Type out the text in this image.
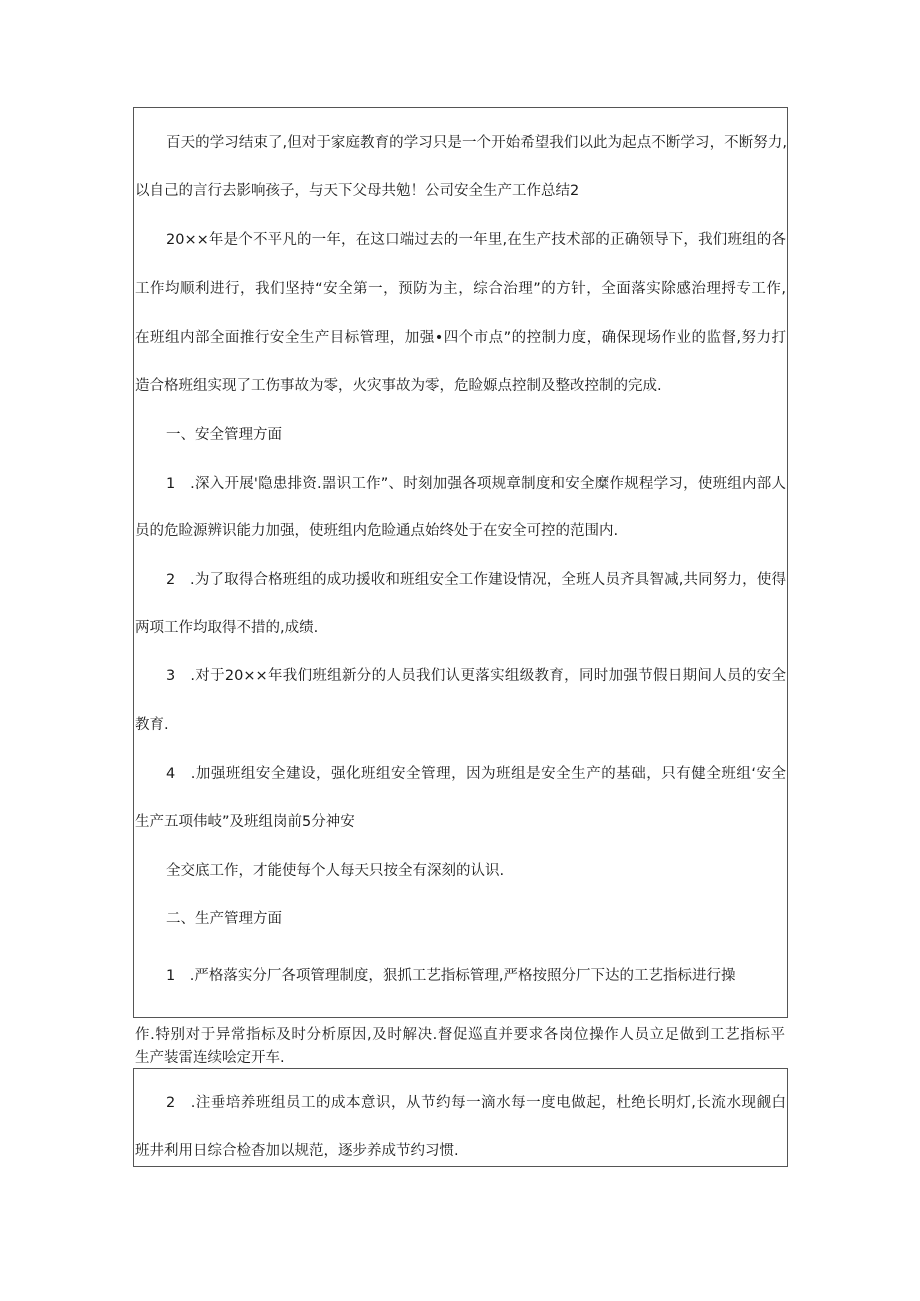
百天的学习结束了,但对于家庭教育的学习只是一个开始希望我们以此为起点不断学习，不断努力,
以自己的言行去影响孩子，与天下父母共勉！公司安全生产工作总结2
20××年是个不平凡的一年，在这口端过去的一年里,在生产技术部的正确领导下，我们班组的各
工作均顺利进行，我们坚持“安全第一，预防为主，综合治理”的方针，全面落实除感治理捋专工作,
在班组内部全面推行安全生产目标管理，加强•四个市点”的控制力度，确保现场作业的监督,努力打
造合格班组实现了工伤事故为零，火灾事故为零，危睑嫄点控制及整改控制的完成.
一、安全管理方面
1　.深入开展'隐患排资.噐识工作”、时刻加强各项规章制度和安全糜作规程学习，使班组内部人
员的危睑源辨识能力加强，使班组内危睑通点始终处于在安全可控的范围内.
2　.为了取得合格班组的成功援收和班组安全工作建设情况，全班人员齐具智减,共同努力，使得
两项工作均取得不措的,成绩.
3　.对于20××年我们班组新分的人员我们认更落实组级教育，同时加强节假日期间人员的安全
教育.
4　.加强班组安全建设，强化班组安全管理，因为班组是安全生产的基础，只有健全班组‘安全
生产五项伟岐”及班组岗前5分神安
全交底工作，才能使每个人每天只按全有深刻的认识.
二、生产管理方面
1　.严格落实分厂各项管理制度，狠抓工艺指标管理,严格按照分厂下达的工艺指标进行操
作.特别对于异常指标及时分析原因,及时解决.督促巡直并要求各岗位操作人员立足做到工艺指标平
生产装雷连续哙定开车.
2　.注垂培养班组员工的成本意识，从节约每一滴水每一度电做起，杜绝长明灯,长流水现觎白
班井利用日综合检杳加以规范，逐步养成节约习惯.
